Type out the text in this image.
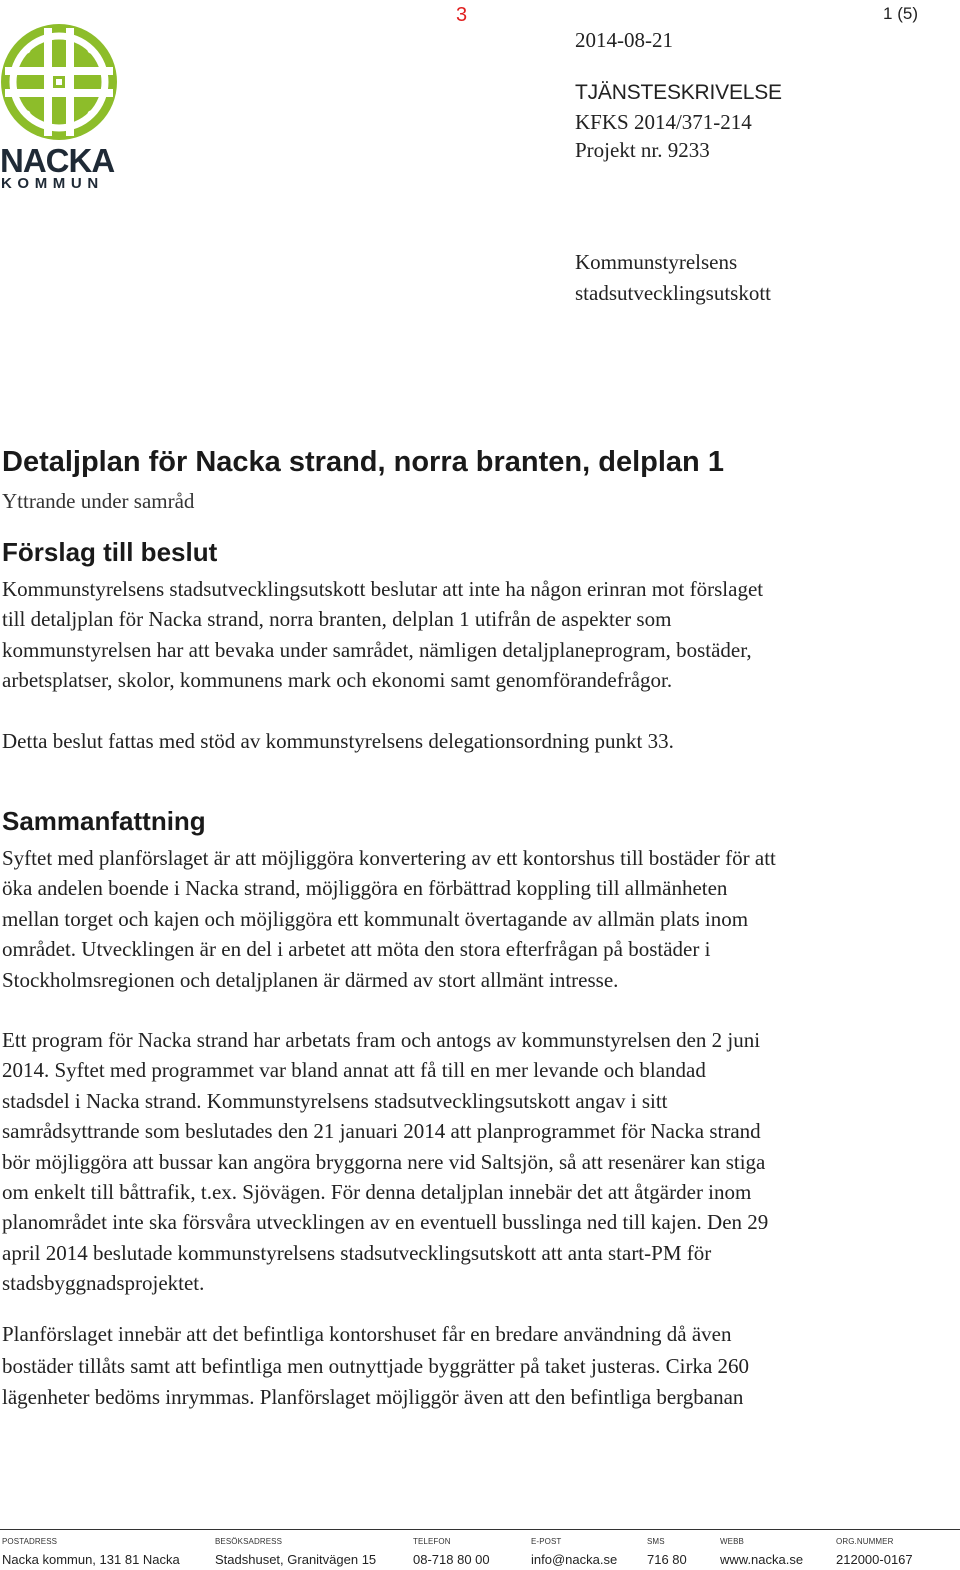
NACKA
KOMMUN
3	1 (5)
2014-08-21
TJÄNSTESKRIVELSE
KFKS 2014/371-214
Projekt nr. 9233
Kommunstyrelsens
stadsutvecklingsutskott
Detaljplan för Nacka strand, norra branten, delplan 1
Yttrande under samråd
Förslag till beslut

Kommunstyrelsens stadsutvecklingsutskott beslutar att inte ha någon erinran mot förslaget

till detaljplan för Nacka strand, norra branten, delplan 1 utifrån de aspekter som

kommunstyrelsen har att bevaka under samrådet, nämligen detaljplaneprogram, bostäder,

arbetsplatser, skolor, kommunens mark och ekonomi samt genomförandefrågor.

Detta beslut fattas med stöd av kommunstyrelsens delegationsordning punkt 33.

Sammanfattning

Syftet med planförslaget är att möjliggöra konvertering av ett kontorshus till bostäder för att

öka andelen boende i Nacka strand, möjliggöra en förbättrad koppling till allmänheten

mellan torget och kajen och möjliggöra ett kommunalt övertagande av allmän plats inom

området. Utvecklingen är en del i arbetet att möta den stora efterfrågan på bostäder i

Stockholmsregionen och detaljplanen är därmed av stort allmänt intresse.

Ett program för Nacka strand har arbetats fram och antogs av kommunstyrelsen den 2 juni

2014. Syftet med programmet var bland annat att få till en mer levande och blandad

stadsdel i Nacka strand. Kommunstyrelsens stadsutvecklingsutskott angav i sitt

samrådsyttrande som beslutades den 21 januari 2014 att planprogrammet för Nacka strand

bör möjliggöra att bussar kan angöra bryggorna nere vid Saltsjön, så att resenärer kan stiga

om enkelt till båttrafik, t.ex. Sjövägen. För denna detaljplan innebär det att åtgärder inom

planområdet inte ska försvåra utvecklingen av en eventuell busslinga ned till kajen. Den 29

april 2014 beslutade kommunstyrelsens stadsutvecklingsutskott att anta start-PM för

stadsbyggnadsprojektet.

Planförslaget innebär att det befintliga kontorshuset får en bredare användning då även

bostäder tillåts samt att befintliga men outnyttjade byggrätter på taket justeras. Cirka 260

lägenheter bedöms inrymmas. Planförslaget möjliggör även att den befintliga bergbanan

POSTADRESS
Nacka kommun, 131 81 Nacka
BESÖKSADRESS
Stadshuset, Granitvägen 15
TELEFON
08-718 80 00
E-POST
info@nacka.se
SMS
716 80
WEBB
www.nacka.se
ORG.NUMMER
212000-0167
